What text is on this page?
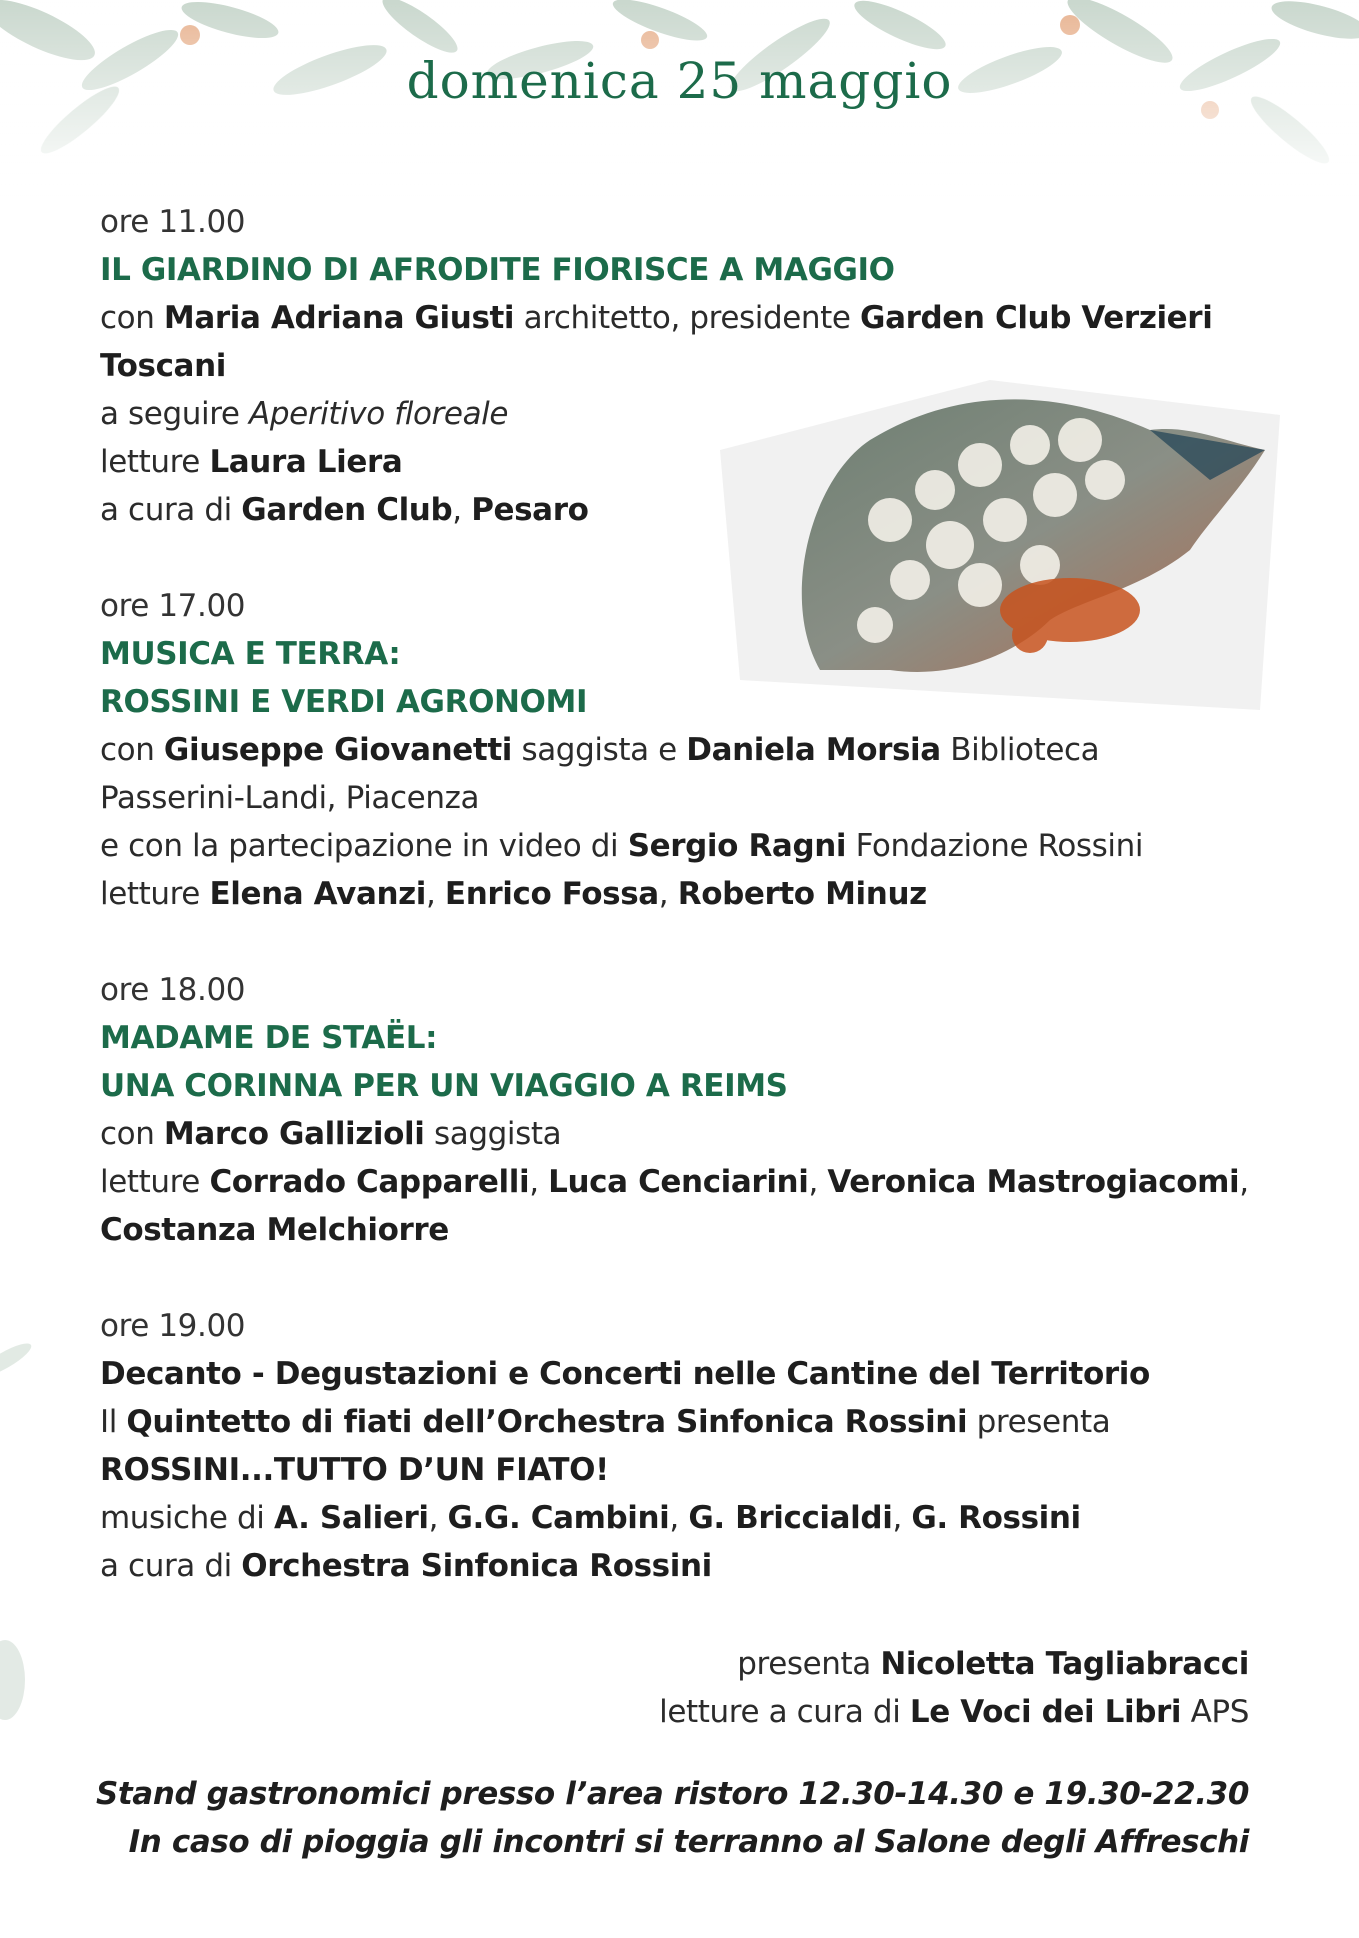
domenica 25 maggio
ore 11.00
IL GIARDINO DI AFRODITE FIORISCE A MAGGIO
con Maria Adriana Giusti architetto, presidente Garden Club Verzieri
Toscani
a seguire Aperitivo floreale
letture Laura Liera
a cura di Garden Club, Pesaro
ore 17.00
MUSICA E TERRA:
ROSSINI E VERDI AGRONOMI
con Giuseppe Giovanetti saggista e Daniela Morsia Biblioteca
Passerini-Landi, Piacenza
e con la partecipazione in video di Sergio Ragni Fondazione Rossini
letture Elena Avanzi, Enrico Fossa, Roberto Minuz
ore 18.00
MADAME DE STAËL:
UNA CORINNA PER UN VIAGGIO A REIMS
con Marco Gallizioli saggista
letture Corrado Capparelli, Luca Cenciarini, Veronica Mastrogiacomi,
Costanza Melchiorre
ore 19.00
Decanto - Degustazioni e Concerti nelle Cantine del Territorio
Il Quintetto di fiati dell’Orchestra Sinfonica Rossini presenta
ROSSINI...TUTTO D’UN FIATO!
musiche di A. Salieri, G.G. Cambini, G. Briccialdi, G. Rossini
a cura di Orchestra Sinfonica Rossini
presenta Nicoletta Tagliabracci
letture a cura di Le Voci dei Libri APS
Stand gastronomici presso l’area ristoro 12.30-14.30 e 19.30-22.30
In caso di pioggia gli incontri si terranno al Salone degli Affreschi
